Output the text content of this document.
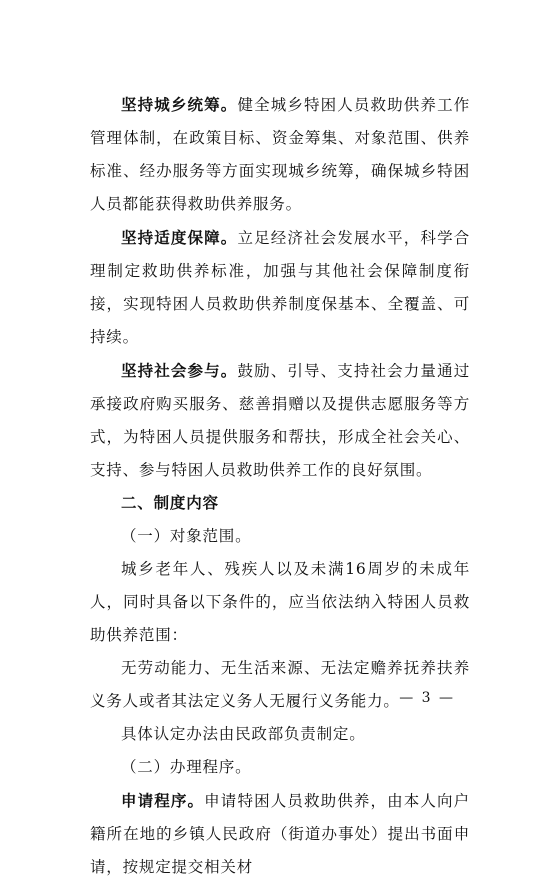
坚持城乡统筹。健全城乡特困人员救助供养工作管理体制，在政策目标、资金筹集、对象范围、供养标准、经办服务等方面实现城乡统筹，确保城乡特困人员都能获得救助供养服务。

坚持适度保障。立足经济社会发展水平，科学合理制定救助供养标准，加强与其他社会保障制度衔接，实现特困人员救助供养制度保基本、全覆盖、可持续。

坚持社会参与。鼓励、引导、支持社会力量通过承接政府购买服务、慈善捐赠以及提供志愿服务等方式，为特困人员提供服务和帮扶，形成全社会关心、支持、参与特困人员救助供养工作的良好氛围。

二、制度内容

（一）对象范围。

城乡老年人、残疾人以及未满16周岁的未成年人，同时具备以下条件的，应当依法纳入特困人员救助供养范围：

无劳动能力、无生活来源、无法定赡养抚养扶养义务人或者其法定义务人无履行义务能力。

具体认定办法由民政部负责制定。

（二）办理程序。

申请程序。申请特困人员救助供养，由本人向户籍所在地的乡镇人民政府（街道办事处）提出书面申请，按规定提交相关材

— 3 —
